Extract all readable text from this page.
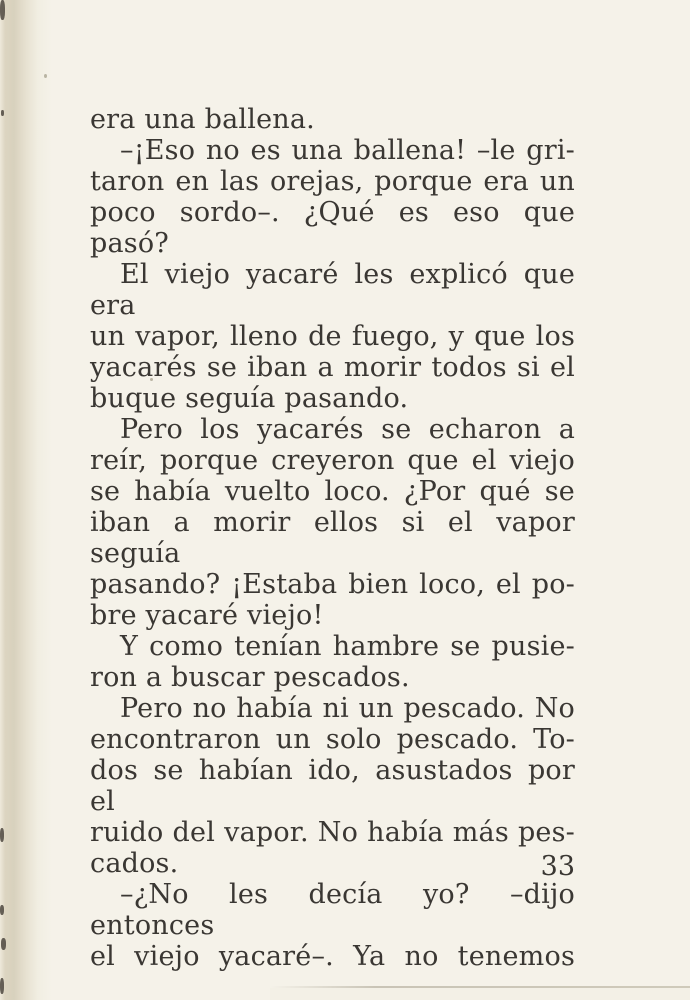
era una ballena.
–¡Eso no es una ballena! –le gri-
taron en las orejas, porque era un
poco sordo–. ¿Qué es eso que pasó?
El viejo yacaré les explicó que era
un vapor, lleno de fuego, y que los
yacarés se iban a morir todos si el
buque seguía pasando.
Pero los yacarés se echaron a
reír, porque creyeron que el viejo
se había vuelto loco. ¿Por qué se
iban a morir ellos si el vapor seguía
pasando? ¡Estaba bien loco, el po-
bre yacaré viejo!
Y como tenían hambre se pusie-
ron a buscar pescados.
Pero no había ni un pescado. No
encontraron un solo pescado. To-
dos se habían ido, asustados por el
ruido del vapor. No había más pes-
cados.
–¿No les decía yo? –dijo entonces
el viejo yacaré–. Ya no tenemos
33
